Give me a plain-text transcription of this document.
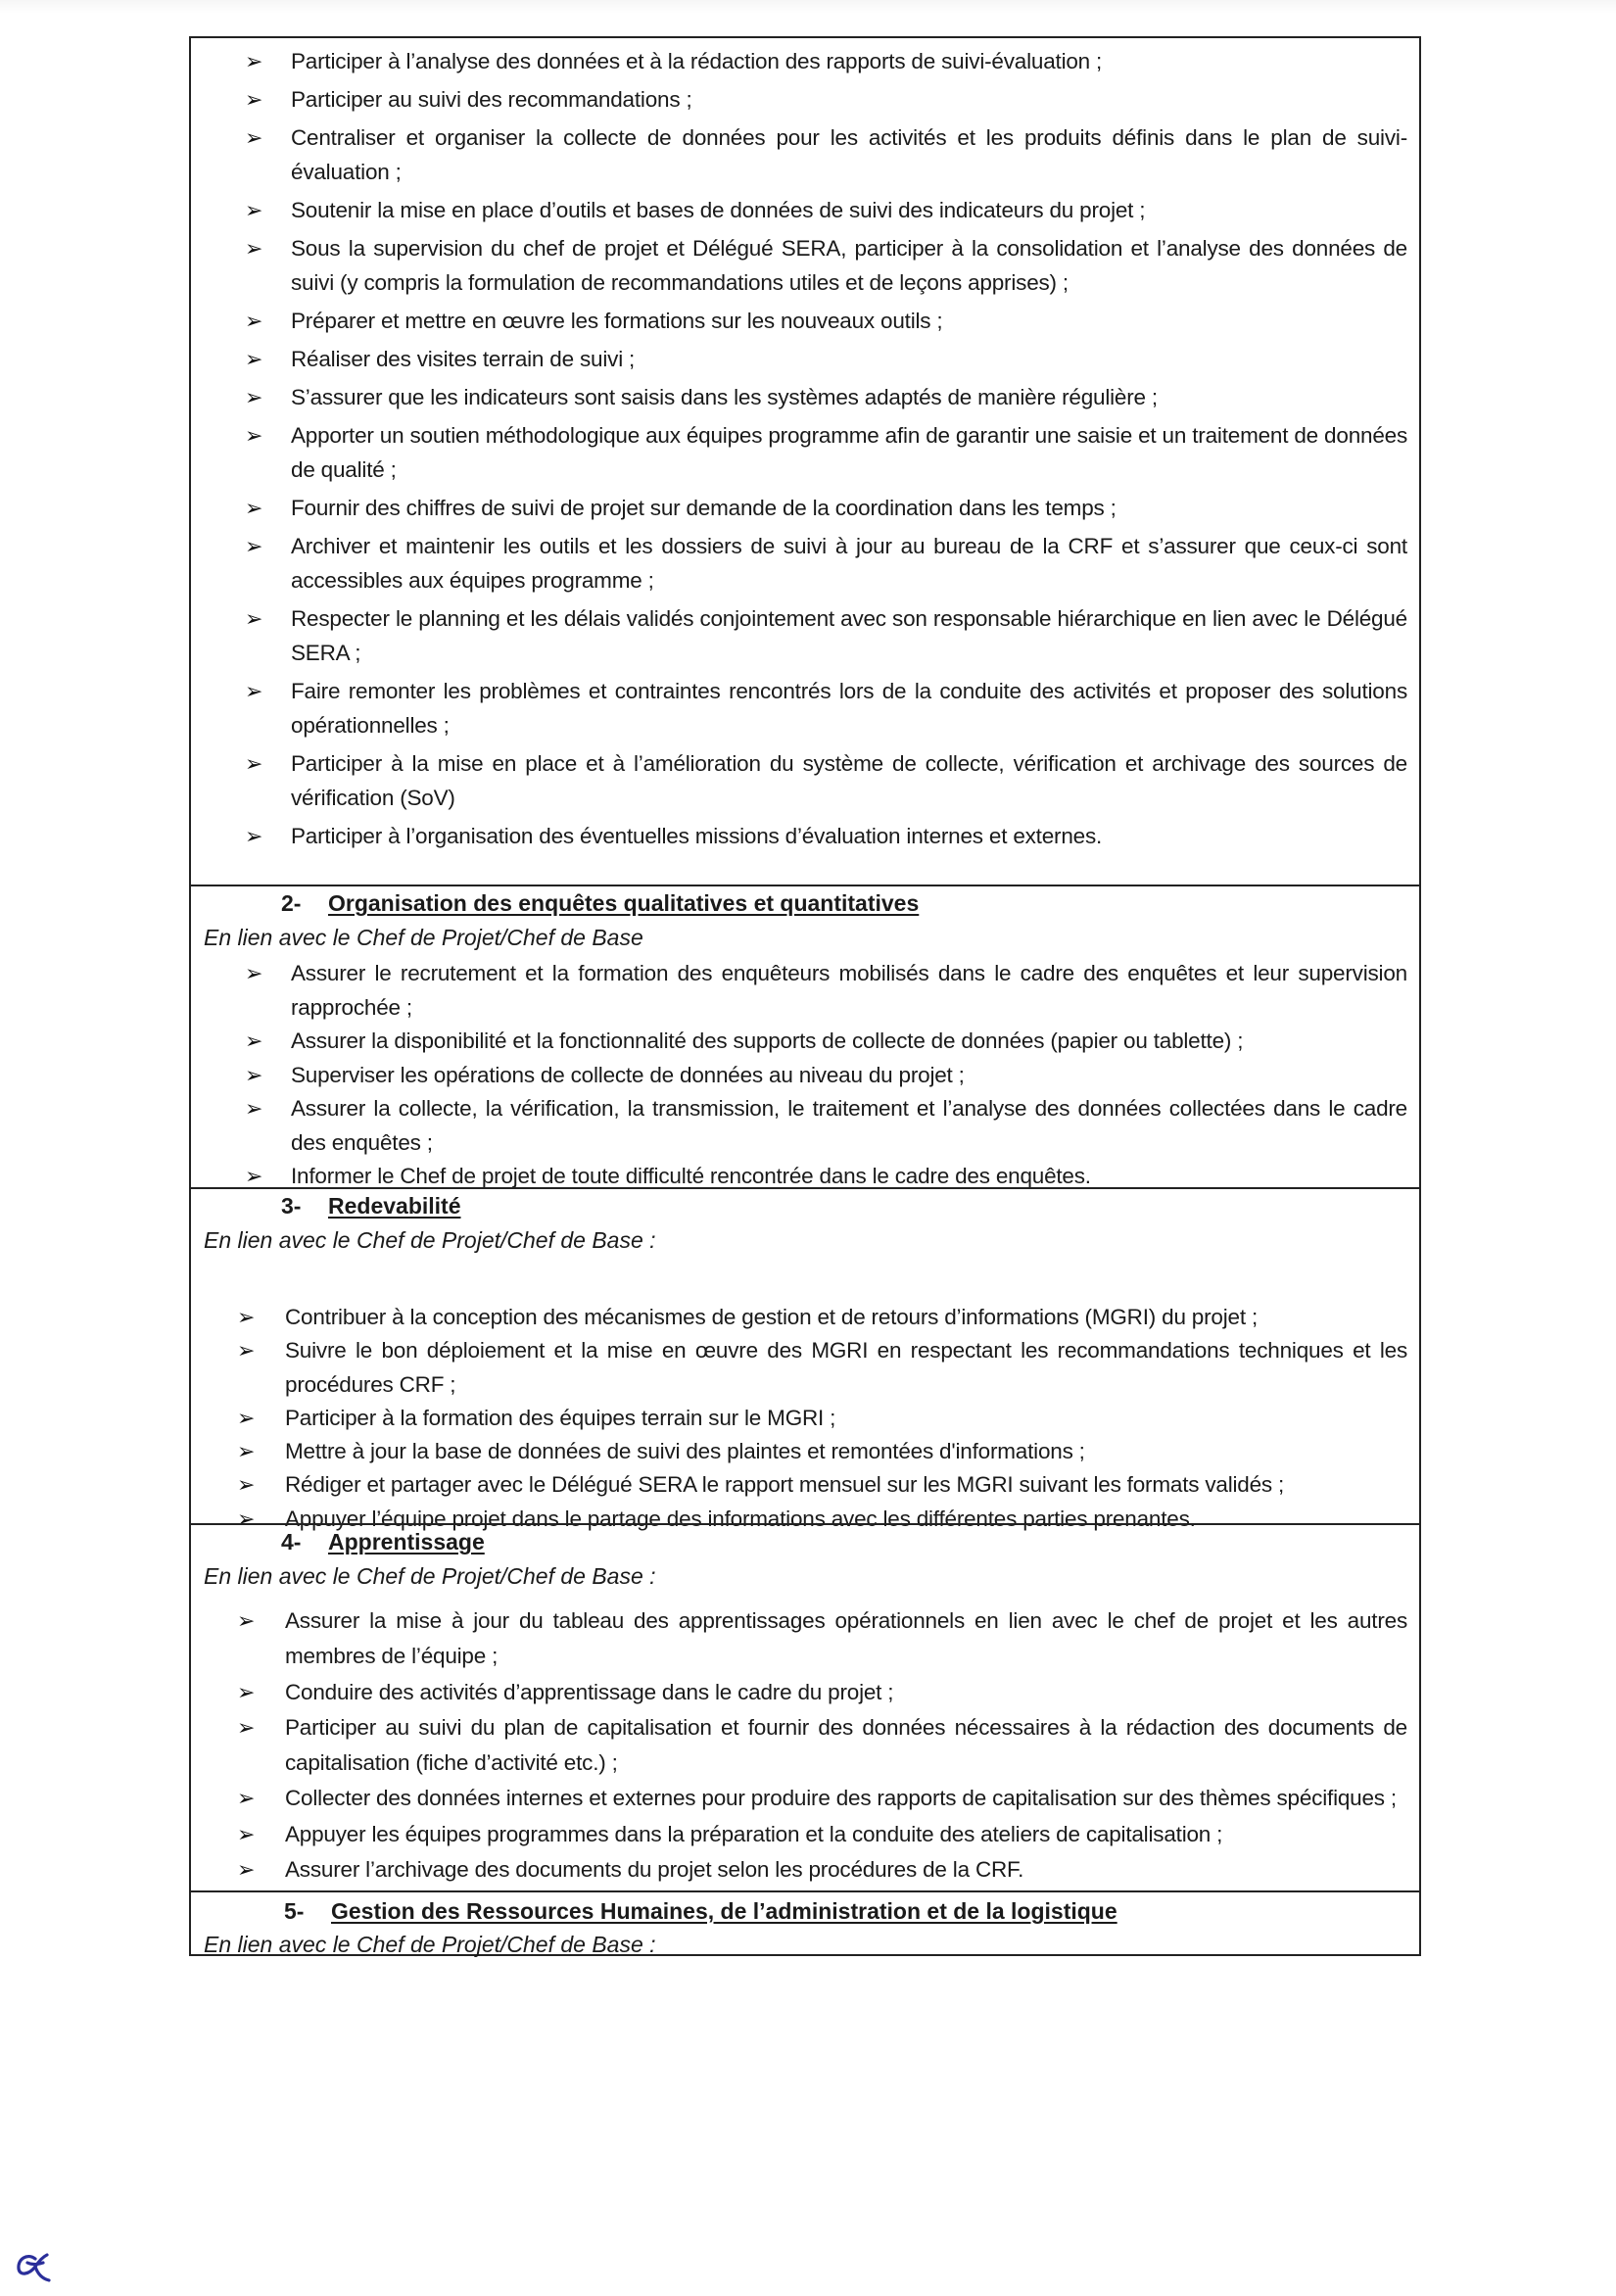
➢ Participer à l’analyse des données et à la rédaction des rapports de suivi-évaluation ;
➢ Participer au suivi des recommandations ;
➢ Centraliser et organiser la collecte de données pour les activités et les produits définis dans le plan de suivi-évaluation ;
➢ Soutenir la mise en place d’outils et bases de données de suivi des indicateurs du projet ;
➢ Sous la supervision du chef de projet et Délégué SERA, participer à la consolidation et l’analyse des données de suivi (y compris la formulation de recommandations utiles et de leçons apprises) ;
➢ Préparer et mettre en œuvre les formations sur les nouveaux outils ;
➢ Réaliser des visites terrain de suivi ;
➢ S’assurer que les indicateurs sont saisis dans les systèmes adaptés de manière régulière ;
➢ Apporter un soutien méthodologique aux équipes programme afin de garantir une saisie et un traitement de données de qualité ;
➢ Fournir des chiffres de suivi de projet sur demande de la coordination dans les temps ;
➢ Archiver et maintenir les outils et les dossiers de suivi à jour au bureau de la CRF et s’assurer que ceux-ci sont accessibles aux équipes programme ;
➢ Respecter le planning et les délais validés conjointement avec son responsable hiérarchique en lien avec le Délégué SERA ;
➢ Faire remonter les problèmes et contraintes rencontrés lors de la conduite des activités et proposer des solutions opérationnelles ;
➢ Participer à la mise en place et à l’amélioration du système de collecte, vérification et archivage des sources de vérification (SoV)
➢ Participer à l’organisation des éventuelles missions d’évaluation internes et externes.
2- Organisation des enquêtes qualitatives et quantitatives
En lien avec le Chef de Projet/Chef de Base
➢ Assurer le recrutement et la formation des enquêteurs mobilisés dans le cadre des enquêtes et leur supervision rapprochée ;
➢ Assurer la disponibilité et la fonctionnalité des supports de collecte de données (papier ou tablette) ;
➢ Superviser les opérations de collecte de données au niveau du projet ;
➢ Assurer la collecte, la vérification, la transmission, le traitement et l’analyse des données collectées dans le cadre des enquêtes ;
➢ Informer le Chef de projet de toute difficulté rencontrée dans le cadre des enquêtes.
3- Redevabilité
En lien avec le Chef de Projet/Chef de Base :
➢ Contribuer à la conception des mécanismes de gestion et de retours d’informations (MGRI) du projet ;
➢ Suivre le bon déploiement et la mise en œuvre des MGRI en respectant les recommandations techniques et les procédures CRF ;
➢ Participer à la formation des équipes terrain sur le MGRI ;
➢ Mettre à jour la base de données de suivi des plaintes et remontées d'informations ;
➢ Rédiger et partager avec le Délégué SERA le rapport mensuel sur les MGRI suivant les formats validés ;
➢ Appuyer l’équipe projet dans le partage des informations avec les différentes parties prenantes.
4- Apprentissage
En lien avec le Chef de Projet/Chef de Base :
➢ Assurer la mise à jour du tableau des apprentissages opérationnels en lien avec le chef de projet et les autres membres de l’équipe ;
➢ Conduire des activités d’apprentissage dans le cadre du projet ;
➢ Participer au suivi du plan de capitalisation et fournir des données nécessaires à la rédaction des documents de capitalisation (fiche d’activité etc.) ;
➢ Collecter des données internes et externes pour produire des rapports de capitalisation sur des thèmes spécifiques ;
➢ Appuyer les équipes programmes dans la préparation et la conduite des ateliers de capitalisation ;
➢ Assurer l’archivage des documents du projet selon les procédures de la CRF.
5- Gestion des Ressources Humaines, de l’administration et de la logistique
En lien avec le Chef de Projet/Chef de Base :
